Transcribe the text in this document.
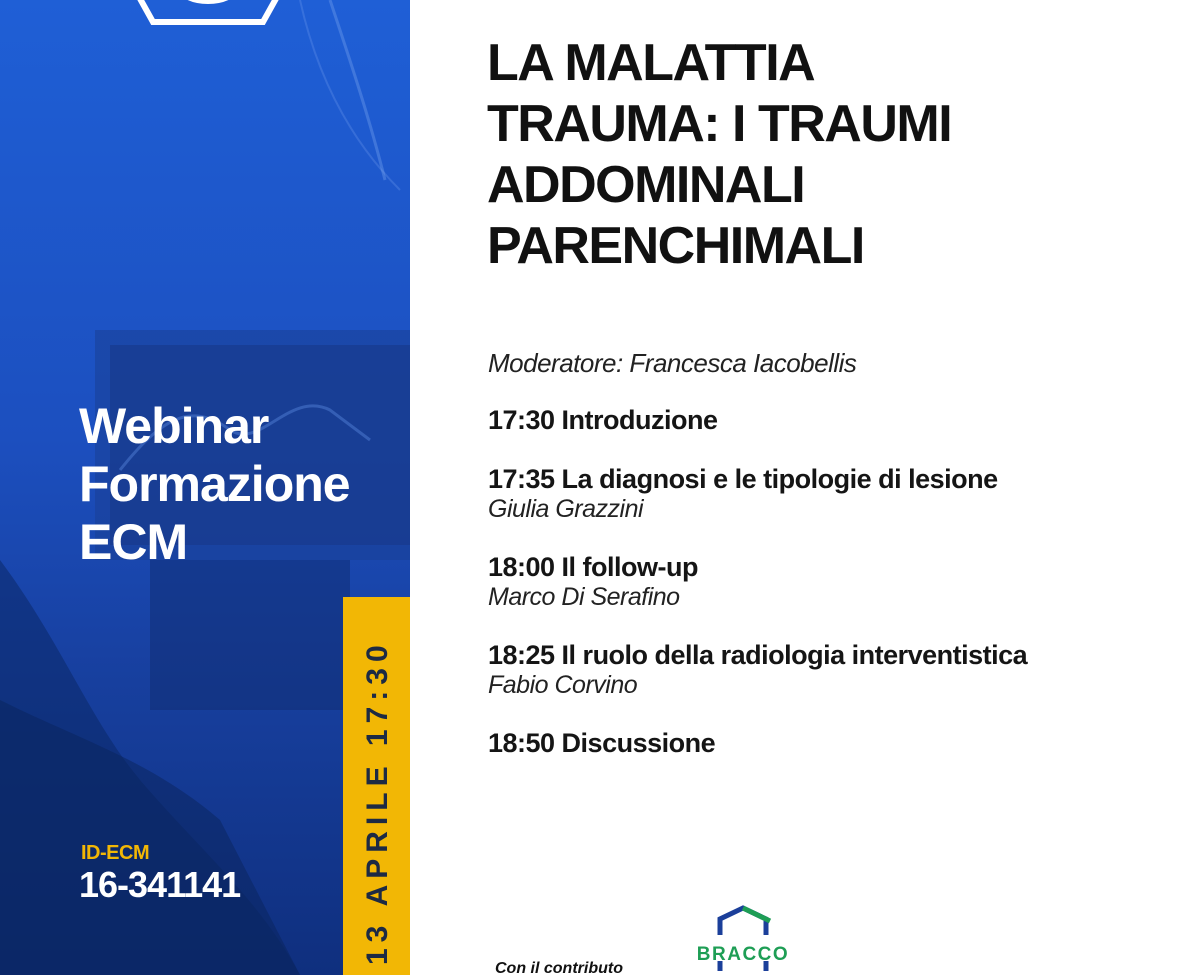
Webinar
Formazione
ECM
ID-ECM
16-341141	13 APRILE 17:30
LA MALATTIA
TRAUMA: I TRAUMI
ADDOMINALI
PARENCHIMALI
Moderatore: Francesca Iacobellis
17:30 Introduzione
17:35 La diagnosi e le tipologie di lesione
Giulia Grazzini
18:00 Il follow-up
Marco Di Serafino
18:25 Il ruolo della radiologia interventistica
Fabio Corvino
18:50 Discussione
Con il contributo
BRACCO
